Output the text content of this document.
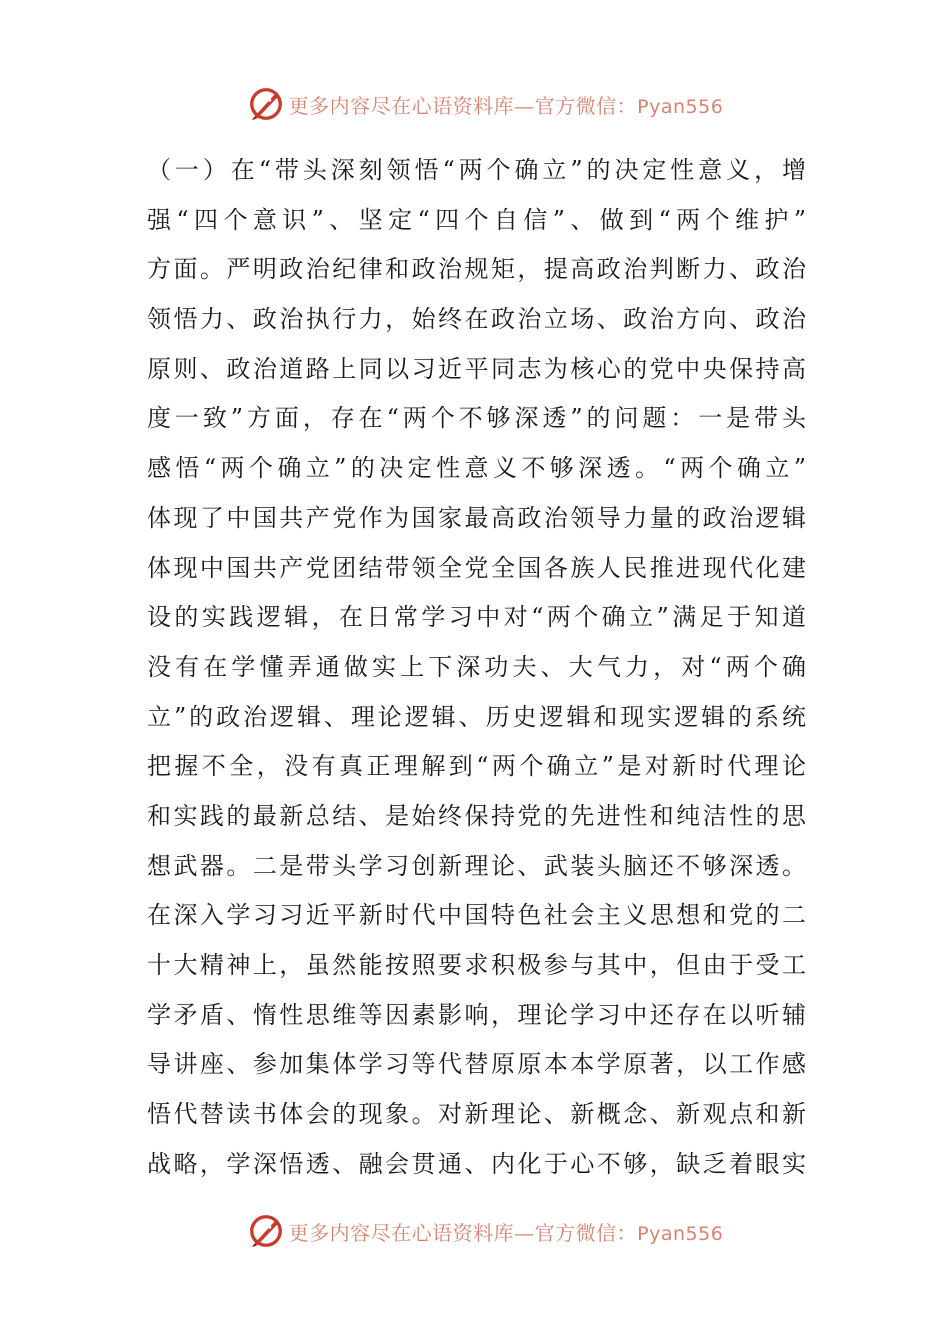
更多内容尽在心语资料库—官方微信：Pyan556
（一）在“带头深刻领悟“两个确立”的决定性意义，增
强“四个意识”、坚定“四个自信”、做到“两个维护”
方面。严明政治纪律和政治规矩，提高政治判断力、政治
领悟力、政治执行力，始终在政治立场、政治方向、政治
原则、政治道路上同以习近平同志为核心的党中央保持高
度一致”方面，存在“两个不够深透”的问题：一是带头
感悟“两个确立”的决定性意义不够深透。“两个确立”
体现了中国共产党作为国家最高政治领导力量的政治逻辑
体现中国共产党团结带领全党全国各族人民推进现代化建
设的实践逻辑，在日常学习中对“两个确立”满足于知道
没有在学懂弄通做实上下深功夫、大气力，对“两个确
立”的政治逻辑、理论逻辑、历史逻辑和现实逻辑的系统
把握不全，没有真正理解到“两个确立”是对新时代理论
和实践的最新总结、是始终保持党的先进性和纯洁性的思
想武器。二是带头学习创新理论、武装头脑还不够深透。
在深入学习习近平新时代中国特色社会主义思想和党的二
十大精神上，虽然能按照要求积极参与其中，但由于受工
学矛盾、惰性思维等因素影响，理论学习中还存在以听辅
导讲座、参加集体学习等代替原原本本学原著，以工作感
悟代替读书体会的现象。对新理论、新概念、新观点和新
战略，学深悟透、融会贯通、内化于心不够，缺乏着眼实
更多内容尽在心语资料库—官方微信：Pyan556
